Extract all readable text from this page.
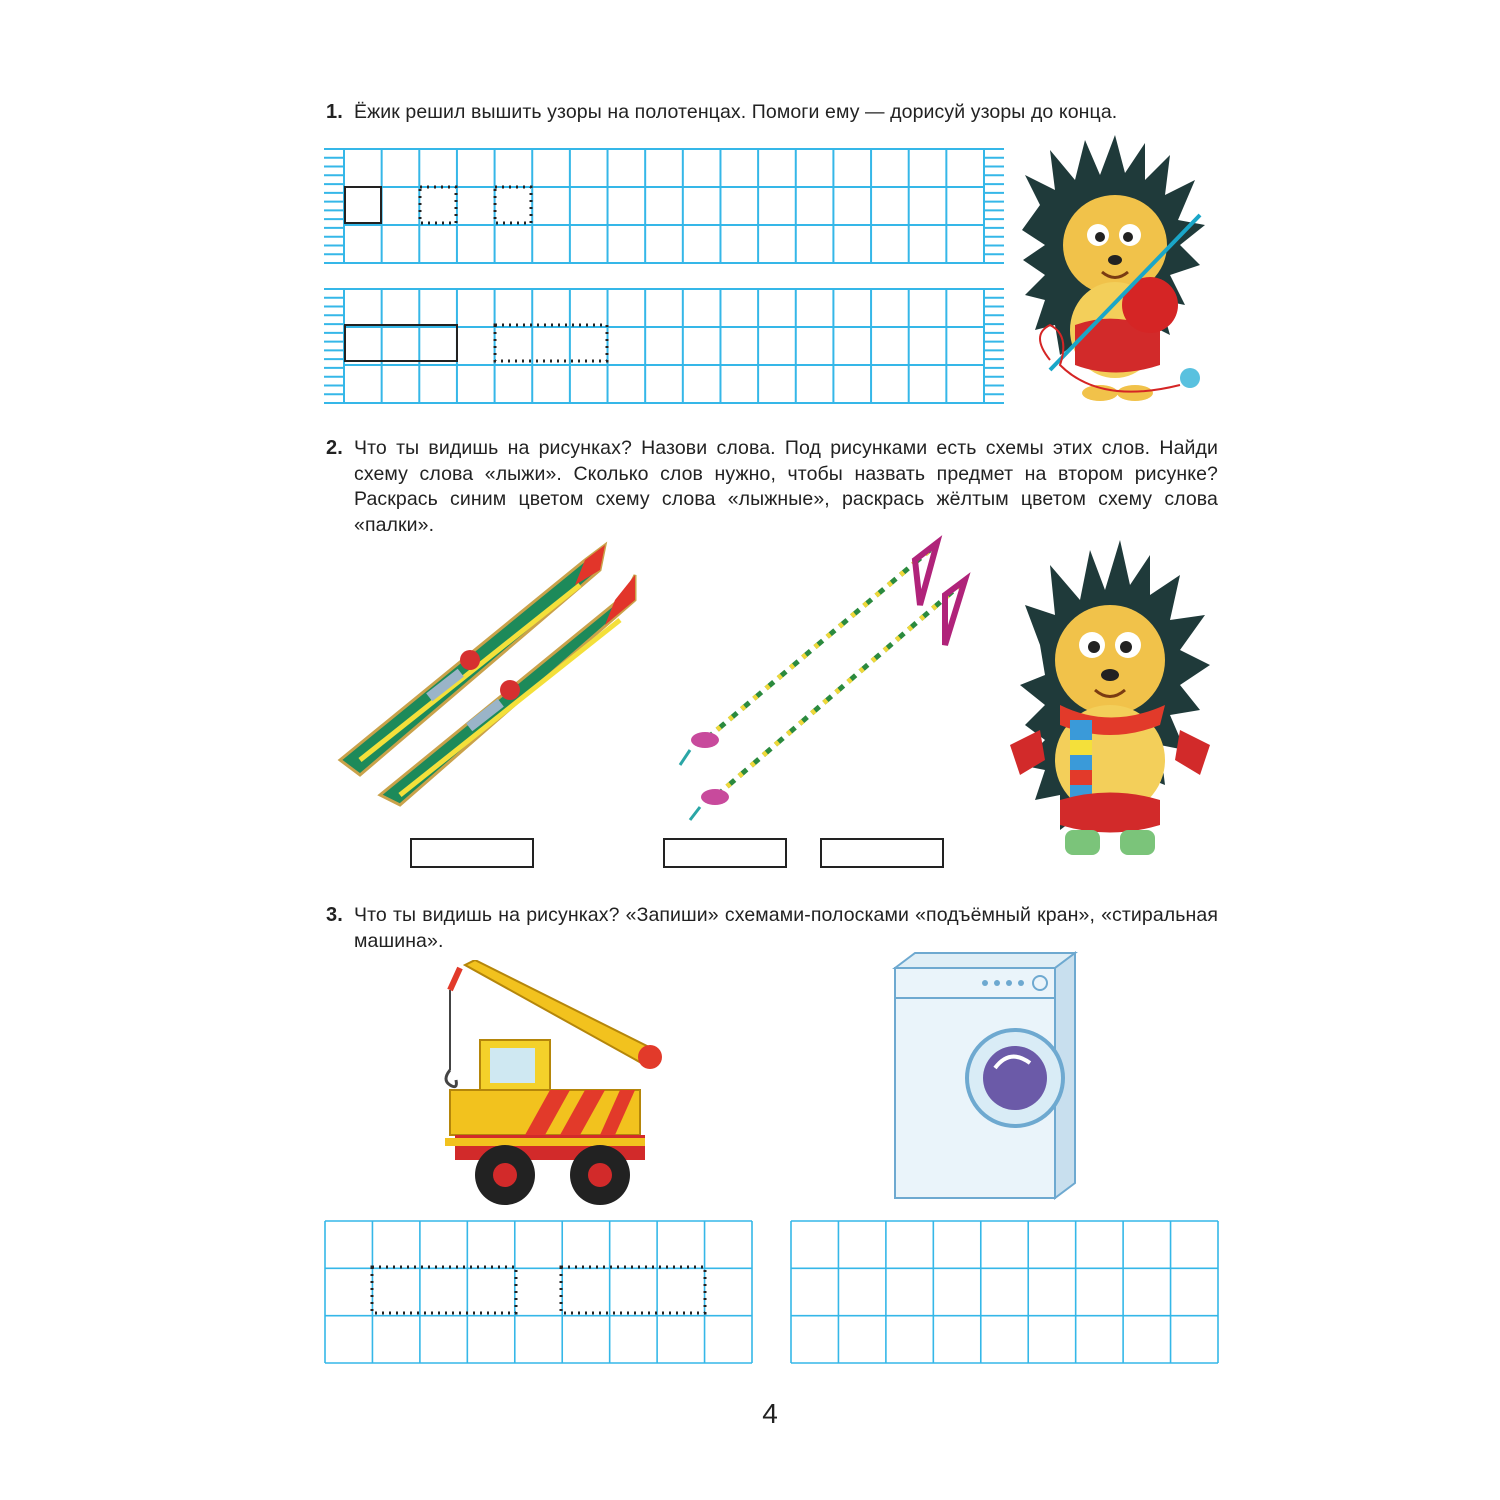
1. Ёжик решил вышить узоры на полотенцах. Помоги ему — дорисуй узоры до конца.
2. Что ты видишь на рисунках? Назови слова. Под рисунками есть схемы этих слов. Найди схему слова «лыжи». Сколько слов нужно, чтобы назвать предмет на втором рисунке? Раскрась синим цветом схему слова «лыжные», раскрась жёлтым цветом схему слова «палки».
3. Что ты видишь на рисунках? «Запиши» схемами-полосками «подъёмный кран», «стиральная машина».
4
